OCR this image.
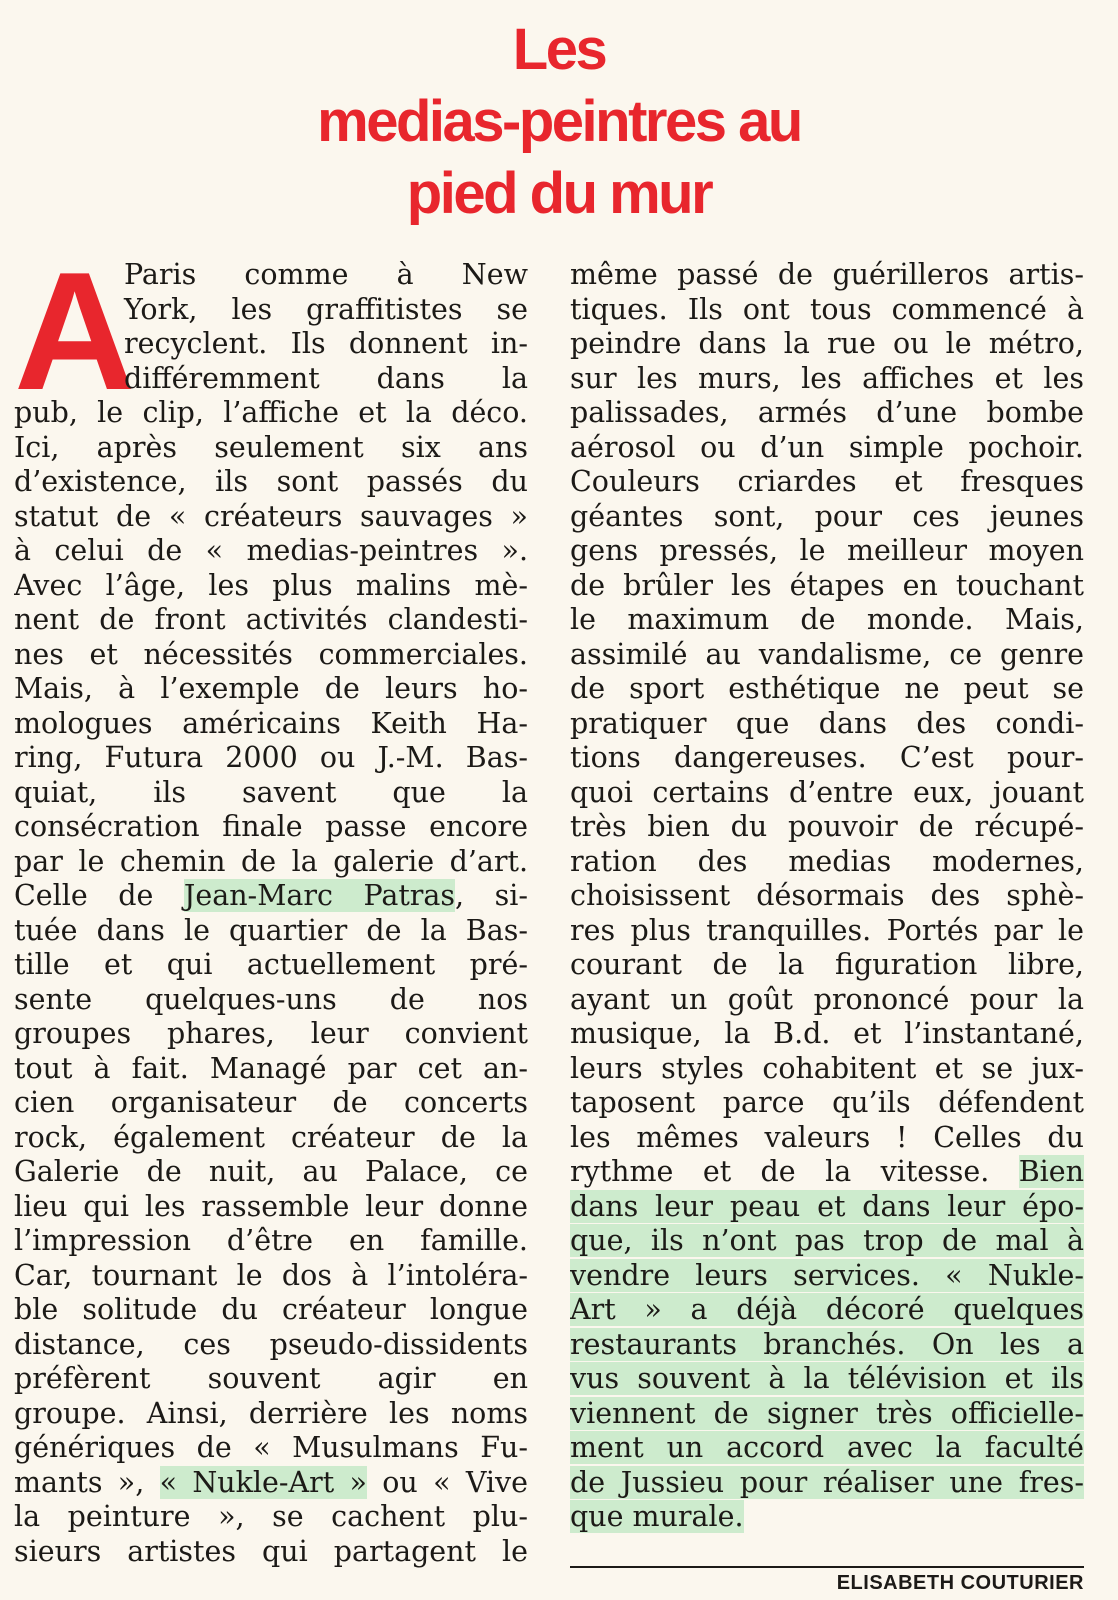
Les
medias-peintres au
pied du mur
A
Paris comme à New
York, les graffitistes se
recyclent. Ils donnent in-
différemment dans la
pub, le clip, l’affiche et la déco.
Ici, après seulement six ans
d’existence, ils sont passés du
statut de « créateurs sauvages »
à celui de « medias-peintres ».
Avec l’âge, les plus malins mè-
nent de front activités clandesti-
nes et nécessités commerciales.
Mais, à l’exemple de leurs ho-
mologues américains Keith Ha-
ring, Futura 2000 ou J.-M. Bas-
quiat, ils savent que la
consécration finale passe encore
par le chemin de la galerie d’art.
Celle de Jean-Marc Patras, si-
tuée dans le quartier de la Bas-
tille et qui actuellement pré-
sente quelques-uns de nos
groupes phares, leur convient
tout à fait. Managé par cet an-
cien organisateur de concerts
rock, également créateur de la
Galerie de nuit, au Palace, ce
lieu qui les rassemble leur donne
l’impression d’être en famille.
Car, tournant le dos à l’intoléra-
ble solitude du créateur longue
distance, ces pseudo-dissidents
préfèrent souvent agir en
groupe. Ainsi, derrière les noms
génériques de « Musulmans Fu-
mants », « Nukle-Art » ou « Vive
la peinture », se cachent plu-
sieurs artistes qui partagent le
même passé de guérilleros artis-
tiques. Ils ont tous commencé à
peindre dans la rue ou le métro,
sur les murs, les affiches et les
palissades, armés d’une bombe
aérosol ou d’un simple pochoir.
Couleurs criardes et fresques
géantes sont, pour ces jeunes
gens pressés, le meilleur moyen
de brûler les étapes en touchant
le maximum de monde. Mais,
assimilé au vandalisme, ce genre
de sport esthétique ne peut se
pratiquer que dans des condi-
tions dangereuses. C’est pour-
quoi certains d’entre eux, jouant
très bien du pouvoir de récupé-
ration des medias modernes,
choisissent désormais des sphè-
res plus tranquilles. Portés par le
courant de la figuration libre,
ayant un goût prononcé pour la
musique, la B.d. et l’instantané,
leurs styles cohabitent et se jux-
taposent parce qu’ils défendent
les mêmes valeurs ! Celles du
rythme et de la vitesse. Bien
dans leur peau et dans leur épo-
que, ils n’ont pas trop de mal à
vendre leurs services. « Nukle-
Art » a déjà décoré quelques
restaurants branchés. On les a
vus souvent à la télévision et ils
viennent de signer très officielle-
ment un accord avec la faculté
de Jussieu pour réaliser une fres-
que murale.
ELISABETH COUTURIER
